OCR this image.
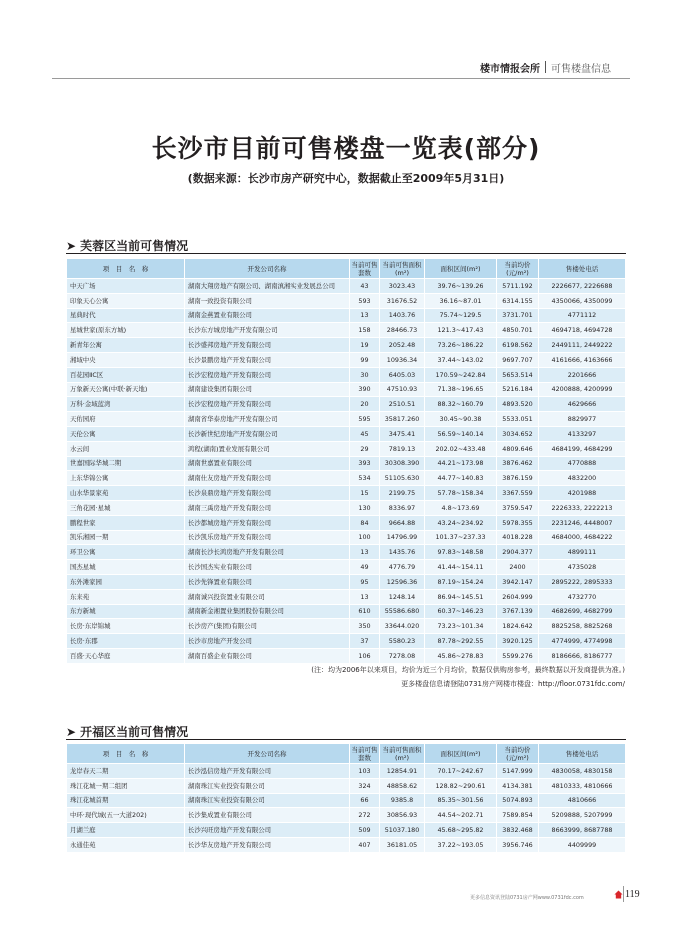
楼市情报会所 可售楼盘信息
长沙市目前可售楼盘一览表(部分)
(数据来源：长沙市房产研究中心，数据截止至2009年5月31日)
➤ 芙蓉区当前可售情况
项　目　名　称	开发公司名称	当前可售套数	当前可售面积(m²)	面积区间(m²)	当前均价(元/m²)	售楼处电话
中天广场	湖南大翔房地产有限公司、湖南滇湘实业发展总公司	43	3023.43	39.76~139.26	5711.192	2226677, 2226688
印象天心公寓	湖南一致投资有限公司	593	31676.52	36.16~87.01	6314.155	4350066, 4350099
星典时代	湖南金燕置业有限公司	13	1403.76	75.74~129.5	3731.701	4771112
星城世家(原东方城)	长沙东方城房地产开发有限公司	158	28466.73	121.3~417.43	4850.701	4694718, 4694728
新青年公寓	长沙盛邦房地产开发有限公司	19	2052.48	73.26~186.22	6198.562	2449111, 2449222
湘域中央	长沙景鹏房地产开发有限公司	99	10936.34	37.44~143.02	9697.707	4161666, 4163666
百花园ⅡC区	长沙宏程房地产开发有限公司	30	6405.03	170.59~242.84	5653.514	2201666
万象新天公寓(中联·新天地)	湖南建设集团有限公司	390	47510.93	71.38~196.65	5216.184	4200888, 4200999
万科·金域蓝湾	长沙宏程房地产开发有限公司	20	2510.51	88.32~160.79	4893.520	4629666
天佑园府	湖南省华泰房地产开发有限公司	595	35817.260	30.45~90.38	5533.051	8829977
天伦公寓	长沙新世纪房地产开发有限公司	45	3475.41	56.59~140.14	3034.652	4133297
水云间	鸿程(湖南)置业发展有限公司	29	7819.13	202.02~433.48	4809.646	4684199, 4684299
世嘉国际华城二期	湖南世嘉置业有限公司	393	30308.390	44.21~173.98	3876.462	4770888
上东华锦公寓	湖南仕友房地产开发有限公司	534	51105.630	44.77~140.83	3876.159	4832200
山水华景家苑	长沙泉鼎房地产开发有限公司	15	2199.75	57.78~158.34	3367.559	4201988
三角花园·星城	湖南三禹房地产开发有限公司	130	8336.97	4.8~173.69	3759.547	2226333, 2222213
鹏程世家	长沙都城房地产开发有限公司	84	9664.88	43.24~234.92	5978.355	2231246, 4448007
凯乐湘园一期	长沙凯乐房地产开发有限公司	100	14796.99	101.37~237.33	4018.228	4684000, 4684222
环卫公寓	湖南长沙长鸿房地产开发有限公司	13	1435.76	97.83~148.58	2904.377	4899111
国杰星城	长沙国杰实业有限公司	49	4776.79	41.44~154.11	2400	4735028
东外滩家园	长沙先锋置业有限公司	95	12596.36	87.19~154.24	3942.147	2895222, 2895333
东来苑	湖南诚兴投资置业有限公司	13	1248.14	86.94~145.51	2604.999	4732770
东方新城	湖南新金湘置业集团股份有限公司	610	55586.680	60.37~146.23	3767.139	4682699, 4682799
长房·东岸锦城	长沙房产(集团)有限公司	350	33644.020	73.23~101.34	1824.642	8825258, 8825268
长房·东郡	长沙市房地产开发公司	37	5580.23	87.78~292.55	3920.125	4774999, 4774998
百盛·天心华庭	湖南百盛企业有限公司	106	7278.08	45.86~278.83	5599.276	8186666, 8186777
(注：均为2006年以来项目，均价为近三个月均价，数据仅供购房参考，最终数据以开发商提供为准。)
更多楼盘信息请登陆0731房产网楼市楼盘：http://floor.0731fdc.com/
➤ 开福区当前可售情况
项　目　名　称	开发公司名称	当前可售套数	当前可售面积(m²)	面积区间(m²)	当前均价(元/m²)	售楼处电话
龙岸春天二期	长沙泓信房地产开发有限公司	103	12854.91	70.17~242.67	5147.999	4830058, 4830158
珠江花城一期二组团	湖南珠江实业投资有限公司	324	48858.62	128.82~290.61	4134.381	4810333, 4810666
珠江花城首期	湖南珠江实业投资有限公司	66	9385.8	85.35~301.56	5074.893	4810666
中环·现代城(五一大道202)	长沙集成置业有限公司	272	30856.93	44.54~202.71	7589.854	5209888, 5207999
月湖兰庭	长沙兴旺房地产开发有限公司	509	51037.180	45.68~295.82	3832.468	8663999, 8687788
永通佳苑	长沙华友房地产开发有限公司	407	36181.05	37.22~193.05	3956.746	4409999
更多信息资讯登陆0731房产网www.0731fdc.com	119
